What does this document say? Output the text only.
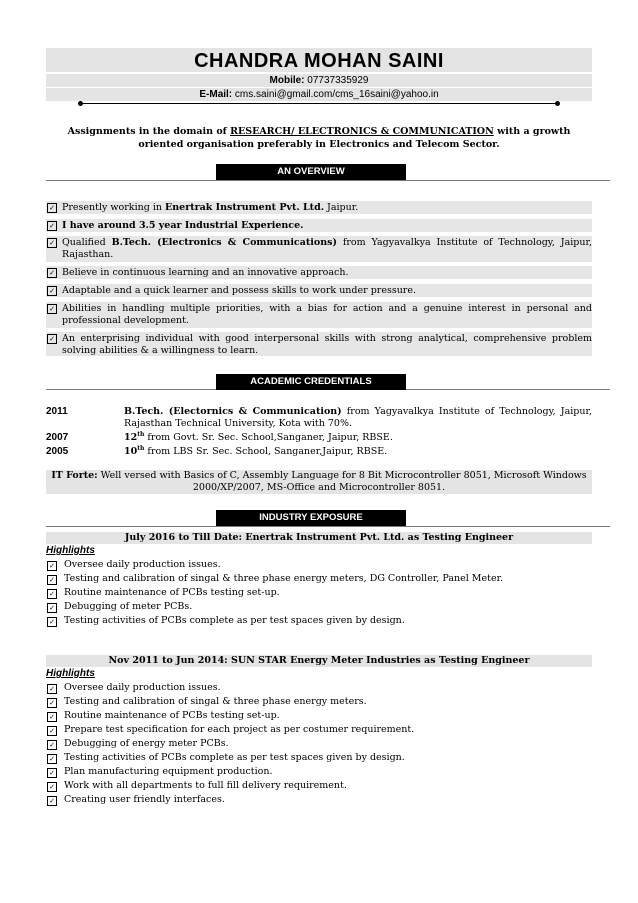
CHANDRA MOHAN SAINI
Mobile: 07737335929
E-Mail: cms.saini@gmail.com/cms_16saini@yahoo.in
Assignments in the domain of RESEARCH/ ELECTRONICS & COMMUNICATION with a growth oriented organisation preferably in Electronics and Telecom Sector.
AN OVERVIEW
✓
Presently working in Enertrak Instrument Pvt. Ltd. Jaipur.
✓
I have around 3.5 year Industrial Experience.
✓
Qualified B.Tech. (Electronics & Communications) from Yagyavalkya Institute of Technology, Jaipur, Rajasthan.
✓
Believe in continuous learning and an innovative approach.
✓
Adaptable and a quick learner and possess skills to work under pressure.
✓
Abilities in handling multiple priorities, with a bias for action and a genuine interest in personal and professional development.
✓
An enterprising individual with good interpersonal skills with strong analytical, comprehensive problem solving abilities & a willingness to learn.
ACADEMIC CREDENTIALS
2011	B.Tech. (Electornics & Communication) from Yagyavalkya Institute of Technology, Jaipur, Rajasthan Technical University, Kota with 70%.
2007	12th from Govt. Sr. Sec. School,Sanganer, Jaipur, RBSE.
2005	10th from LBS Sr. Sec. School, Sanganer,Jaipur, RBSE.
IT Forte: Well versed with Basics of C, Assembly Language for 8 Bit Microcontroller 8051, Microsoft Windows 2000/XP/2007, MS-Office and Microcontroller 8051.
INDUSTRY EXPOSURE
July 2016 to Till Date: Enertrak Instrument Pvt. Ltd. as Testing Engineer
Highlights
✓
Oversee daily production issues.
✓
Testing and calibration of singal & three phase energy meters, DG Controller, Panel Meter.
✓
Routine maintenance of PCBs testing set-up.
✓
Debugging of meter PCBs.
✓
Testing activities of PCBs complete as per test spaces given by design.
Nov 2011 to Jun 2014: SUN STAR Energy Meter Industries as Testing Engineer
Highlights
✓
Oversee daily production issues.
✓
Testing and calibration of singal & three phase energy meters.
✓
Routine maintenance of PCBs testing set-up.
✓
Prepare test specification for each project as per costumer requirement.
✓
Debugging of energy meter PCBs.
✓
Testing activities of PCBs complete as per test spaces given by design.
✓
Plan manufacturing equipment production.
✓
Work with all departments to full fill delivery requirement.
✓
Creating user friendly interfaces.
